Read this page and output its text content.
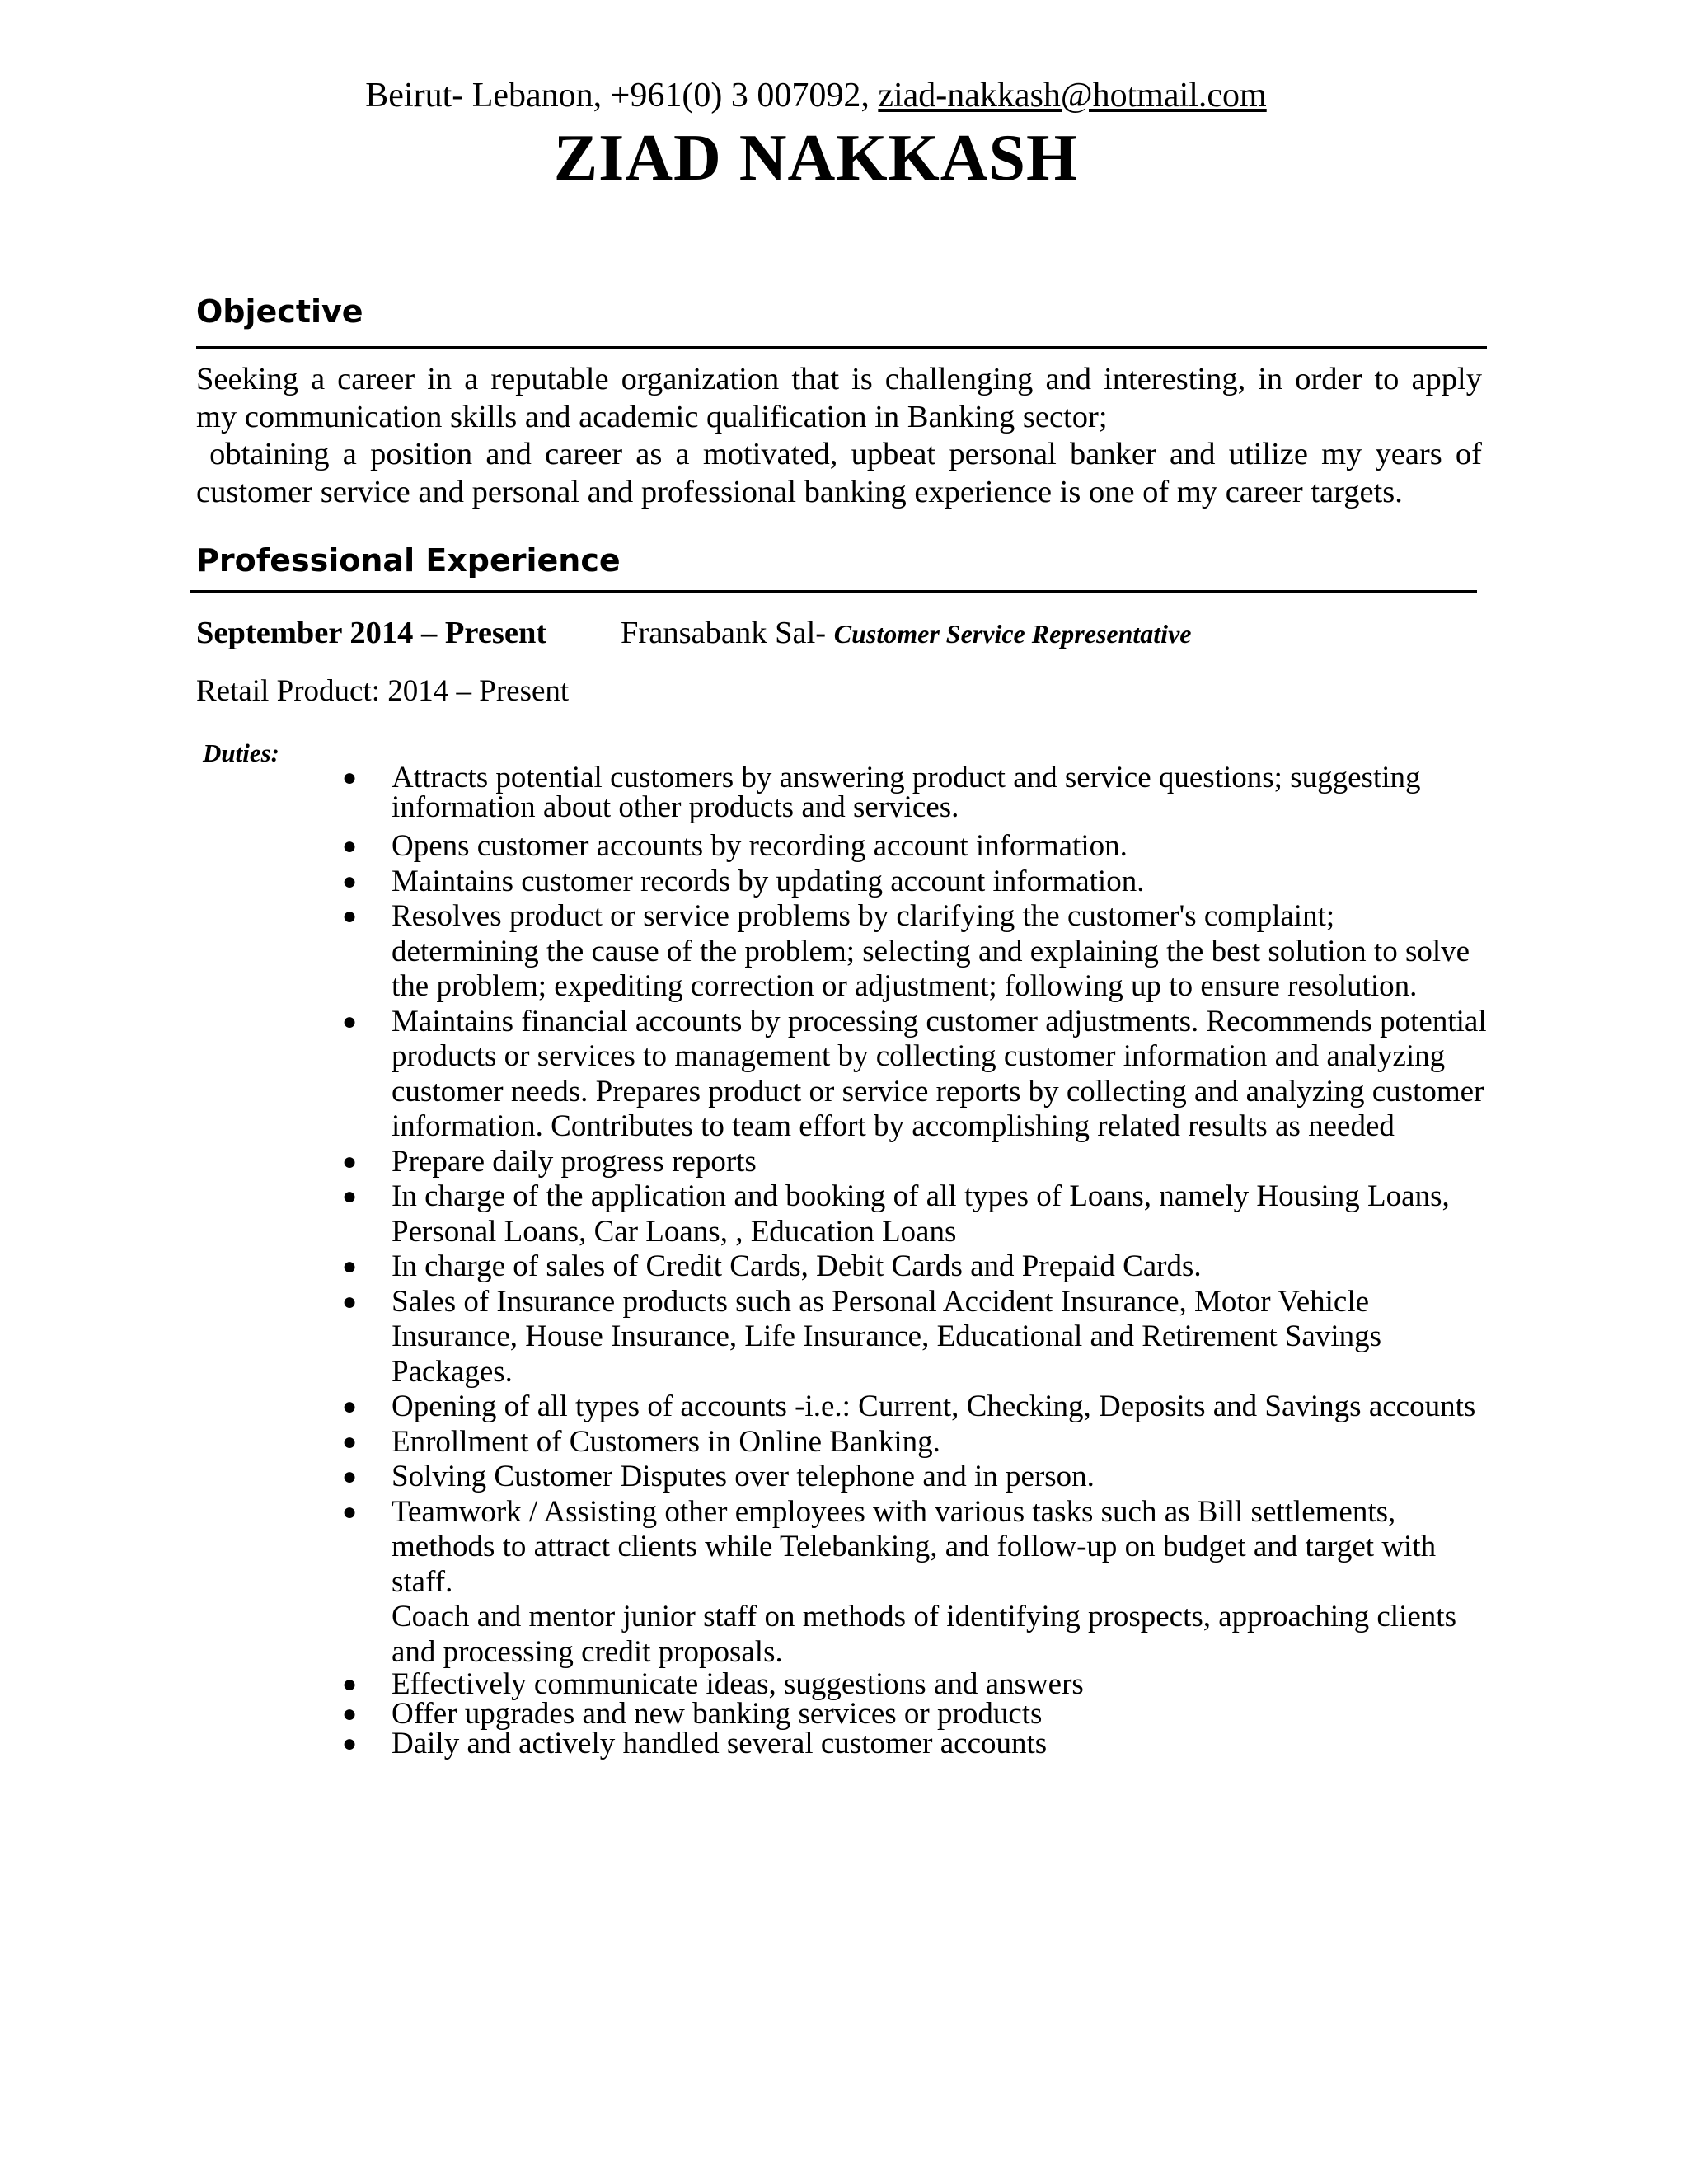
Beirut- Lebanon, +961(0) 3 007092, ziad-nakkash@hotmail.com
ZIAD NAKKASH
Objective

Seeking a career in a reputable organization that is challenging and interesting, in order to apply

my communication skills and academic qualification in Banking sector;

obtaining a position and career as a motivated, upbeat personal banker and utilize my years of

customer service and personal and professional banking experience is one of my career targets.

Professional Experience
September 2014 – Present Fransabank Sal- Customer Service Representative
Retail Product: 2014 – Present
Duties:
● Attracts potential customers by answering product and service questions; suggesting
information about other products and services.
● Opens customer accounts by recording account information.
● Maintains customer records by updating account information.
● Resolves product or service problems by clarifying the customer's complaint;
determining the cause of the problem; selecting and explaining the best solution to solve
the problem; expediting correction or adjustment; following up to ensure resolution.
● Maintains financial accounts by processing customer adjustments. Recommends potential
products or services to management by collecting customer information and analyzing
customer needs. Prepares product or service reports by collecting and analyzing customer
information. Contributes to team effort by accomplishing related results as needed
● Prepare daily progress reports
● In charge of the application and booking of all types of Loans, namely Housing Loans,
Personal Loans, Car Loans, , Education Loans
● In charge of sales of Credit Cards, Debit Cards and Prepaid Cards.
● Sales of Insurance products such as Personal Accident Insurance, Motor Vehicle
Insurance, House Insurance, Life Insurance, Educational and Retirement Savings
Packages.
● Opening of all types of accounts -i.e.: Current, Checking, Deposits and Savings accounts
● Enrollment of Customers in Online Banking.
● Solving Customer Disputes over telephone and in person.
● Teamwork / Assisting other employees with various tasks such as Bill settlements,
methods to attract clients while Telebanking, and follow-up on budget and target with
staff.
Coach and mentor junior staff on methods of identifying prospects, approaching clients
and processing credit proposals.
● Effectively communicate ideas, suggestions and answers
● Offer upgrades and new banking services or products
● Daily and actively handled several customer accounts
